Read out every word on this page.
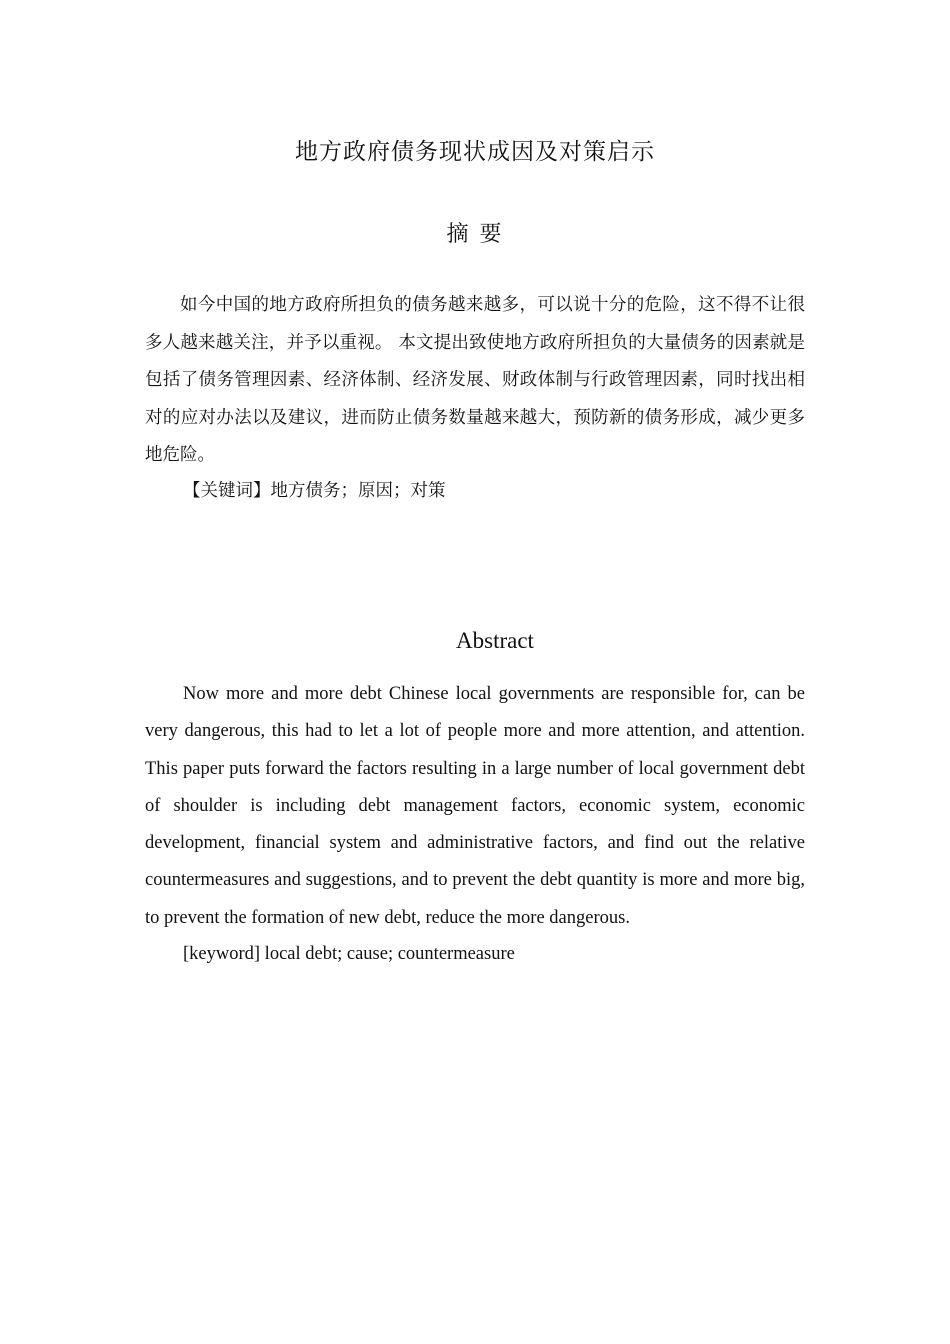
地方政府债务现状成因及对策启示
摘 要

如今中国的地方政府所担负的债务越来越多，可以说十分的危险，这不得不让很多人越来越关注，并予以重视。 本文提出致使地方政府所担负的大量债务的因素就是包括了债务管理因素、经济体制、经济发展、财政体制与行政管理因素，同时找出相对的应对办法以及建议，进而防止债务数量越来越大，预防新的债务形成，减少更多地危险。

【关键词】地方债务；原因；对策
Abstract

Now more and more debt Chinese local governments are responsible for, can be very dangerous, this had to let a lot of people more and more attention, and attention. This paper puts forward the factors resulting in a large number of local government debt of shoulder is including debt management factors, economic system, economic development, financial system and administrative factors, and find out the relative countermeasures and suggestions, and to prevent the debt quantity is more and more big, to prevent the formation of new debt, reduce the more dangerous.

[keyword] local debt; cause; countermeasure
